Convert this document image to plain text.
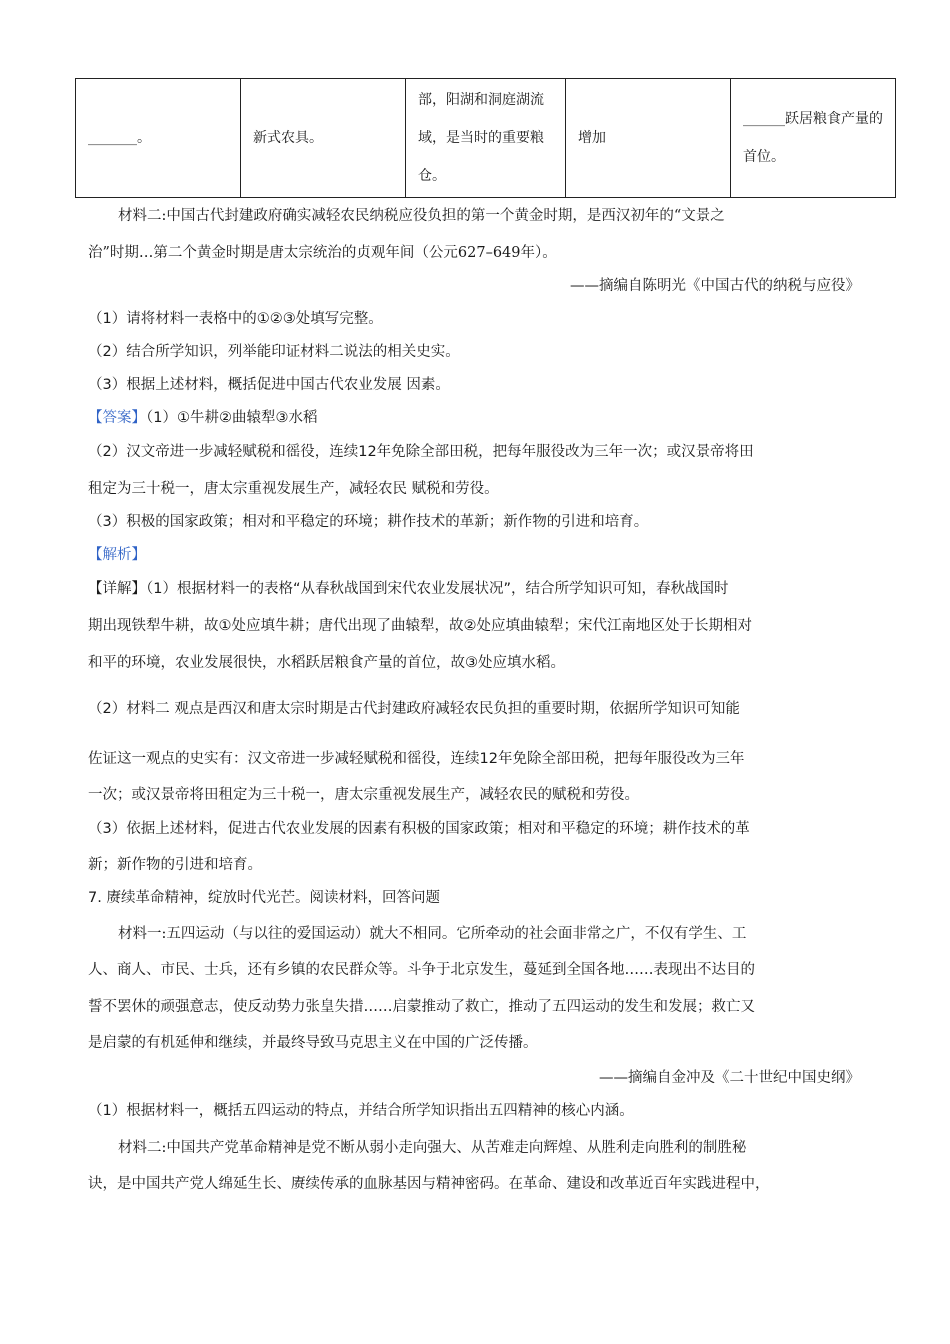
_______。	新式农具。	部，阳湖和洞庭湖流域，是当时的重要粮仓。	增加	______跃居粮食产量的首位。
材料二:中国古代封建政府确实减轻农民纳税应役负担的第一个黄金时期，是西汉初年的“文景之
治”时期…第二个黄金时期是唐太宗统治的贞观年间（公元627–649年）。
——摘编自陈明光《中国古代的纳税与应役》
（1）请将材料一表格中的①②③处填写完整。
（2）结合所学知识，列举能印证材料二说法的相关史实。
（3）根据上述材料，概括促进中国古代农业发展 因素。
【答案】（1）①牛耕②曲辕犁③水稻
（2）汉文帝进一步减轻赋税和徭役，连续12年免除全部田税，把每年服役改为三年一次；或汉景帝将田
租定为三十税一，唐太宗重视发展生产，减轻农民 赋税和劳役。
（3）积极的国家政策；相对和平稳定的环境；耕作技术的革新；新作物的引进和培育。
【解析】
【详解】（1）根据材料一的表格“从春秋战国到宋代农业发展状况”，结合所学知识可知，春秋战国时
期出现铁犁牛耕，故①处应填牛耕；唐代出现了曲辕犁，故②处应填曲辕犁；宋代江南地区处于长期相对
和平的环境，农业发展很快，水稻跃居粮食产量的首位，故③处应填水稻。
（2）材料二 观点是西汉和唐太宗时期是古代封建政府减轻农民负担的重要时期，依据所学知识可知能
佐证这一观点的史实有：汉文帝进一步减轻赋税和徭役，连续12年免除全部田税，把每年服役改为三年
一次；或汉景帝将田租定为三十税一，唐太宗重视发展生产，减轻农民的赋税和劳役。
（3）依据上述材料，促进古代农业发展的因素有积极的国家政策；相对和平稳定的环境；耕作技术的革
新；新作物的引进和培育。
7. 赓续革命精神，绽放时代光芒。阅读材料，回答问题
材料一:五四运动（与以往的爱国运动）就大不相同。它所牵动的社会面非常之广，不仅有学生、工
人、商人、市民、士兵，还有乡镇的农民群众等。斗争于北京发生，蔓延到全国各地……表现出不达目的
誓不罢休的顽强意志，使反动势力张皇失措……启蒙推动了救亡，推动了五四运动的发生和发展；救亡又
是启蒙的有机延伸和继续，并最终导致马克思主义在中国的广泛传播。
——摘编自金冲及《二十世纪中国史纲》
（1）根据材料一，概括五四运动的特点，并结合所学知识指出五四精神的核心内涵。
材料二:中国共产党革命精神是党不断从弱小走向强大、从苦难走向辉煌、从胜利走向胜利的制胜秘
诀，是中国共产党人绵延生长、赓续传承的血脉基因与精神密码。在革命、建设和改革近百年实践进程中，
